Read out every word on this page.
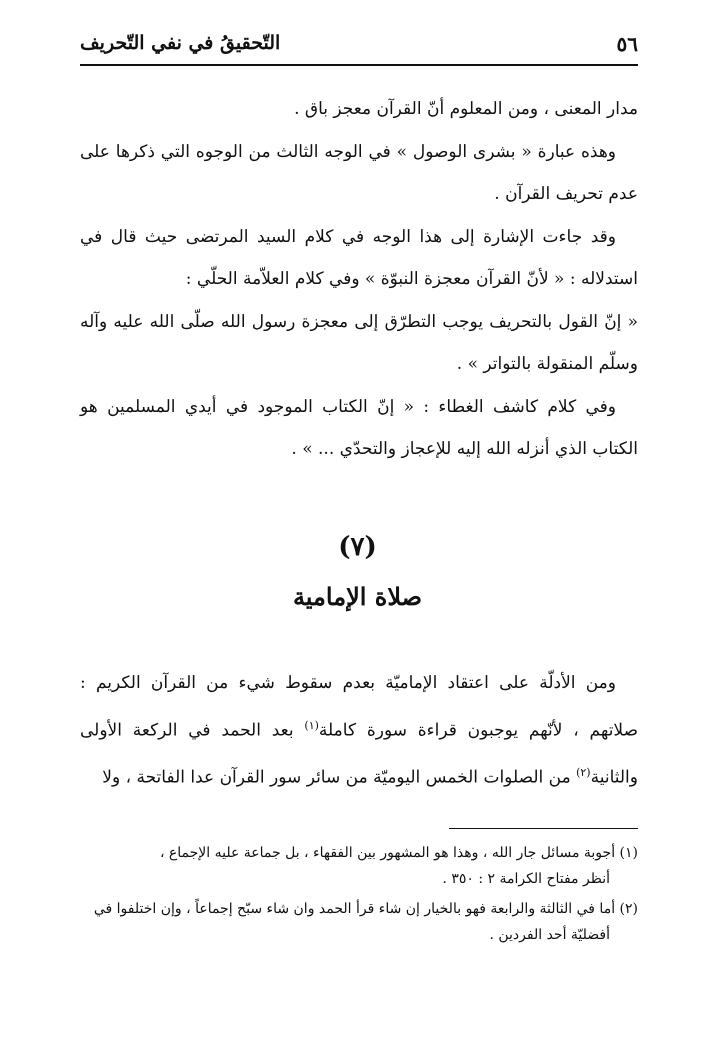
٥٦
التّحقيقُ في نفي التّحريف

مدار المعنى ، ومن المعلوم أنّ القرآن معجز باق .

وهذه عبارة « بشرى الوصول » في الوجه الثالث من الوجوه التي ذكرها على عدم تحريف القرآن .

وقد جاءت الإشارة إلى هذا الوجه في كلام السيد المرتضى حيث قال في استدلاله : « لأنّ القرآن معجزة النبوّة » وفي كلام العلاّمة الحلّي :

« إنّ القول بالتحريف يوجب التطرّق إلى معجزة رسول الله صلّى الله عليه وآله وسلّم المنقولة بالتواتر » .

وفي كلام كاشف الغطاء : « إنّ الكتاب الموجود في أيدي المسلمين هو الكتاب الذي أنزله الله إليه للإعجاز والتحدّي ... » .

(٧)
صلاة الإمامية

ومن الأدلّة على اعتقاد الإماميّة بعدم سقوط شيء من القرآن الكريم : صلاتهم ، لأنّهم يوجبون قراءة سورة كاملة$^{(١)}$ بعد الحمد في الركعة الأولى والثانية$^{(٢)}$ من الصلوات الخمس اليوميّة من سائر سور القرآن عدا الفاتحة ، ولا

(١) أجوبة مسائل جار الله ، وهذا هو المشهور بين الفقهاء ، بل جماعة عليه الإجماع ،
أنظر مفتاح الكرامة ٢ : ٣٥٠ .
(٢) أما في الثالثة والرابعة فهو بالخيار إن شاء قرأ الحمد وان شاء سبّح إجماعاً ، وإن اختلفوا في
أفضليّة أحد الفردين .
